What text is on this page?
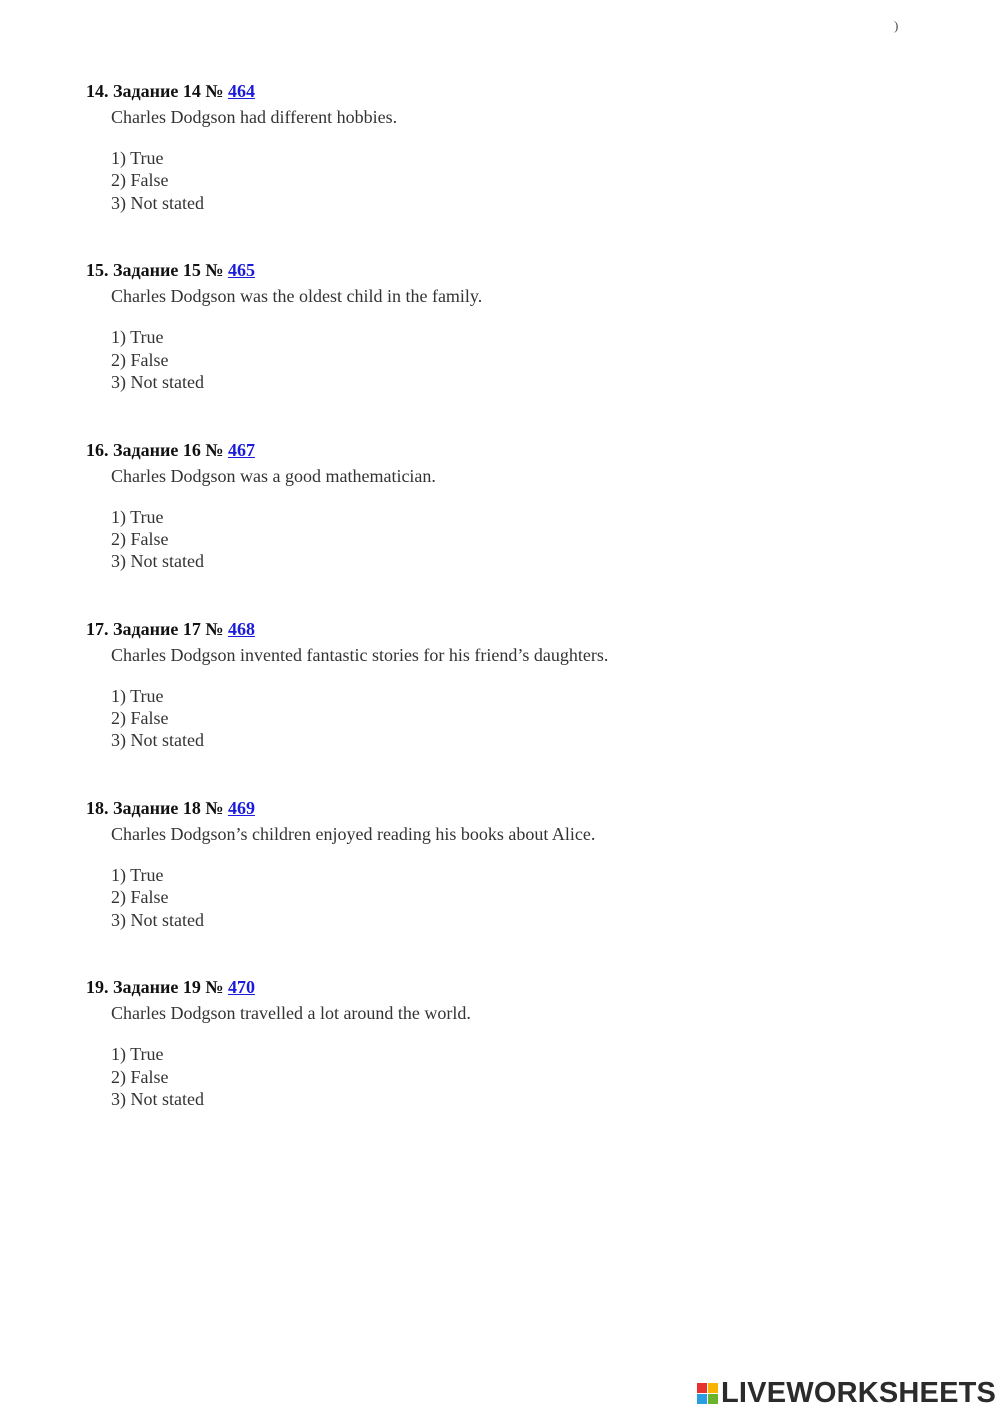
)
14. Задание 14 № 464
Charles Dodgson had different hobbies.
1) True
2) False
3) Not stated
15. Задание 15 № 465
Charles Dodgson was the oldest child in the family.
1) True
2) False
3) Not stated
16. Задание 16 № 467
Charles Dodgson was a good mathematician.
1) True
2) False
3) Not stated
17. Задание 17 № 468
Charles Dodgson invented fantastic stories for his friend’s daughters.
1) True
2) False
3) Not stated
18. Задание 18 № 469
Charles Dodgson’s children enjoyed reading his books about Alice.
1) True
2) False
3) Not stated
19. Задание 19 № 470
Charles Dodgson travelled a lot around the world.
1) True
2) False
3) Not stated
LIVEWORKSHEETS
